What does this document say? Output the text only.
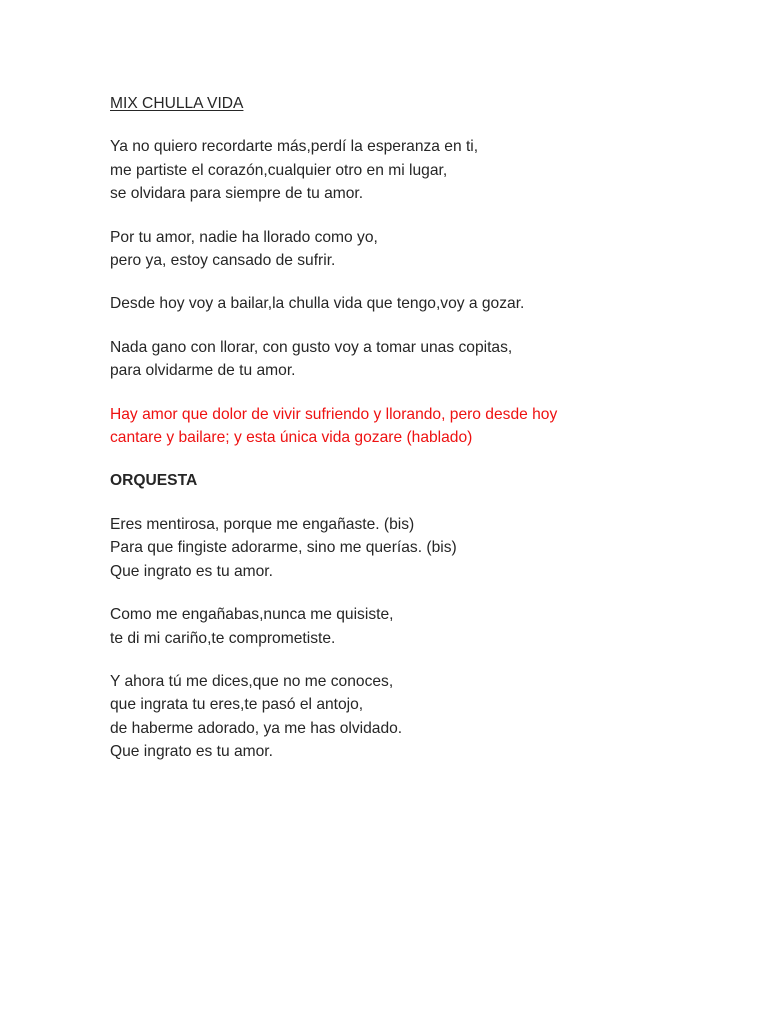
MIX CHULLA VIDA
Ya no quiero recordarte más,perdí la esperanza en ti,
me partiste el corazón,cualquier otro en mi lugar,
se olvidara para siempre de tu amor.
Por tu amor, nadie ha llorado como yo,
pero ya, estoy cansado de sufrir.
Desde hoy voy a bailar,la chulla vida que tengo,voy a gozar.
Nada gano con llorar, con gusto voy a tomar unas copitas,
para olvidarme de tu amor.
Hay amor que dolor de vivir sufriendo y llorando, pero desde hoy
cantare y bailare; y esta única vida gozare (hablado)
ORQUESTA
Eres mentirosa, porque me engañaste. (bis)
Para que fingiste adorarme, sino me querías. (bis)
Que ingrato es tu amor.
Como me engañabas,nunca me quisiste,
te di mi cariño,te comprometiste.
Y ahora tú me dices,que no me conoces,
que ingrata tu eres,te pasó el antojo,
de haberme adorado, ya me has olvidado.
Que ingrato es tu amor.
